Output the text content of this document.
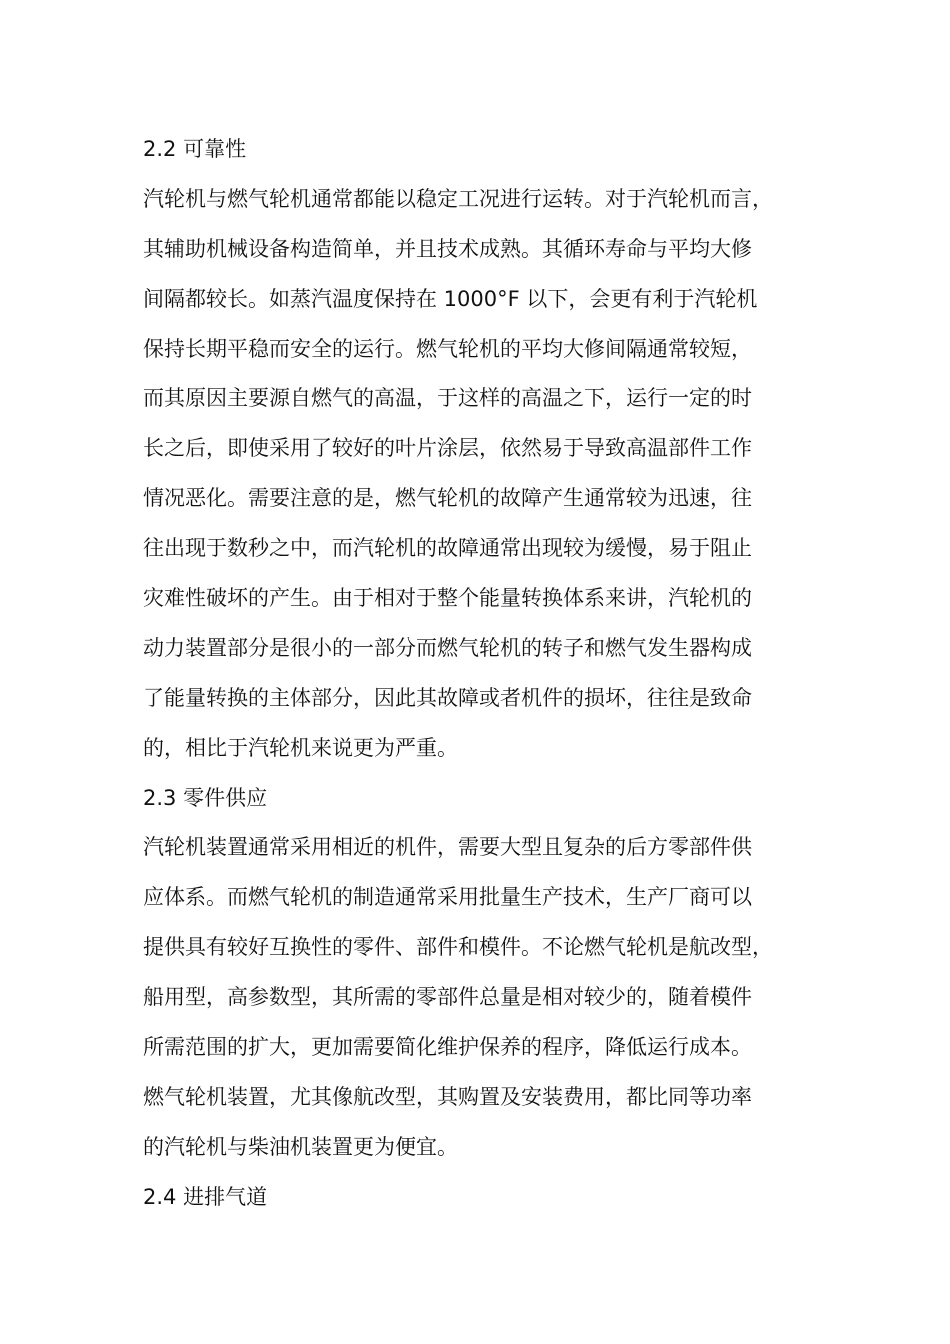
2.2 可靠性
汽轮机与燃气轮机通常都能以稳定工况进行运转。对于汽轮机而言，
其辅助机械设备构造简单，并且技术成熟。其循环寿命与平均大修
间隔都较长。如蒸汽温度保持在 1000°F 以下，会更有利于汽轮机
保持长期平稳而安全的运行。燃气轮机的平均大修间隔通常较短，
而其原因主要源自燃气的高温，于这样的高温之下，运行一定的时
长之后，即使采用了较好的叶片涂层，依然易于导致高温部件工作
情况恶化。需要注意的是，燃气轮机的故障产生通常较为迅速，往
往出现于数秒之中，而汽轮机的故障通常出现较为缓慢，易于阻止
灾难性破坏的产生。由于相对于整个能量转换体系来讲，汽轮机的
动力装置部分是很小的一部分而燃气轮机的转子和燃气发生器构成
了能量转换的主体部分，因此其故障或者机件的损坏，往往是致命
的，相比于汽轮机来说更为严重。
2.3 零件供应
汽轮机装置通常采用相近的机件，需要大型且复杂的后方零部件供
应体系。而燃气轮机的制造通常采用批量生产技术，生产厂商可以
提供具有较好互换性的零件、部件和模件。不论燃气轮机是航改型，
船用型，高参数型，其所需的零部件总量是相对较少的，随着模件
所需范围的扩大，更加需要简化维护保养的程序，降低运行成本。
燃气轮机装置，尤其像航改型，其购置及安装费用，都比同等功率
的汽轮机与柴油机装置更为便宜。
2.4 进排气道
